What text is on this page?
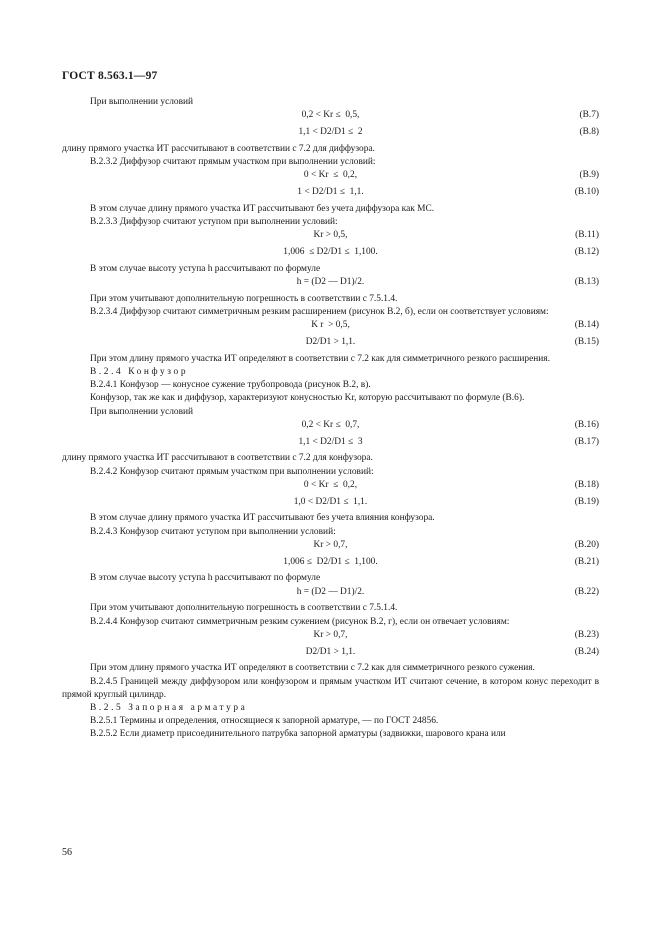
ГОСТ 8.563.1—97

При выполнении условий

0,2 < Kr ≤  0,5,	(В.7)
1,1 < D2/D1 ≤  2	(В.8)

длину прямого участка ИТ рассчитывают в соответствии с 7.2 для диффузора.

В.2.3.2 Диффузор считают прямым участком при выполнении условий:

0 < Kr  ≤  0,2,	(В.9)
1 < D2/D1 ≤  1,1.	(В.10)

В этом случае длину прямого участка ИТ рассчитывают без учета диффузора как МС.

В.2.3.3 Диффузор считают уступом при выполнении условий:

Kr > 0,5,	(В.11)
1,006  ≤ D2/D1 ≤  1,100.	(В.12)

В этом случае высоту уступа h рассчитывают по формуле

h = (D2 — D1)/2.	(В.13)

При этом учитывают дополнительную погрешность в соответствии с 7.5.1.4.

В.2.3.4 Диффузор считают симметричным резким расширением (рисунок В.2, б), если он соответствует условиям:

K r  > 0,5,	(В.14)
D2/D1 > 1,1.	(В.15)

При этом длину прямого участка ИТ определяют в соответствии с 7.2 как для симметричного резкого расширения.

В.2.4 Конфузор

В.2.4.1 Конфузор — конусное сужение трубопровода (рисунок В.2, в).

Конфузор, так же как и диффузор, характеризуют конусностью Kr, которую рассчитывают по формуле (В.6).

При выполнении условий

0,2 < Kr ≤  0,7,	(В.16)
1,1 < D2/D1 ≤  3	(В.17)

длину прямого участка ИТ рассчитывают в соответствии с 7.2 для конфузора.

В.2.4.2 Конфузор считают прямым участком при выполнении условий:

0 < Kr  ≤  0,2,	(В.18)
1,0 < D2/D1 ≤  1,1.	(В.19)

В этом случае длину прямого участка ИТ рассчитывают без учета влияния конфузора.

В.2.4.3 Конфузор считают уступом при выполнении условий:

Kr > 0,7,	(В.20)
1,006 ≤  D2/D1 ≤  1,100.	(В.21)

В этом случае высоту уступа h рассчитывают по формуле

h = (D2 — D1)/2.	(В.22)

При этом учитывают дополнительную погрешность в соответствии с 7.5.1.4.

В.2.4.4 Конфузор считают симметричным резким сужением (рисунок В.2, г), если он отвечает условиям:

Kr > 0,7,	(В.23)
D2/D1 > 1,1.	(В.24)

При этом длину прямого участка ИТ определяют в соответствии с 7.2 как для симметричного резкого сужения.

В.2.4.5 Границей между диффузором или конфузором и прямым участком ИТ считают сечение, в котором конус переходит в прямой круглый цилиндр.

В.2.5 Запорная арматура

В.2.5.1 Термины и определения, относящиеся к запорной арматуре, — по ГОСТ 24856.

В.2.5.2 Если диаметр присоединительного патрубка запорной арматуры (задвижки, шарового крана или

56
